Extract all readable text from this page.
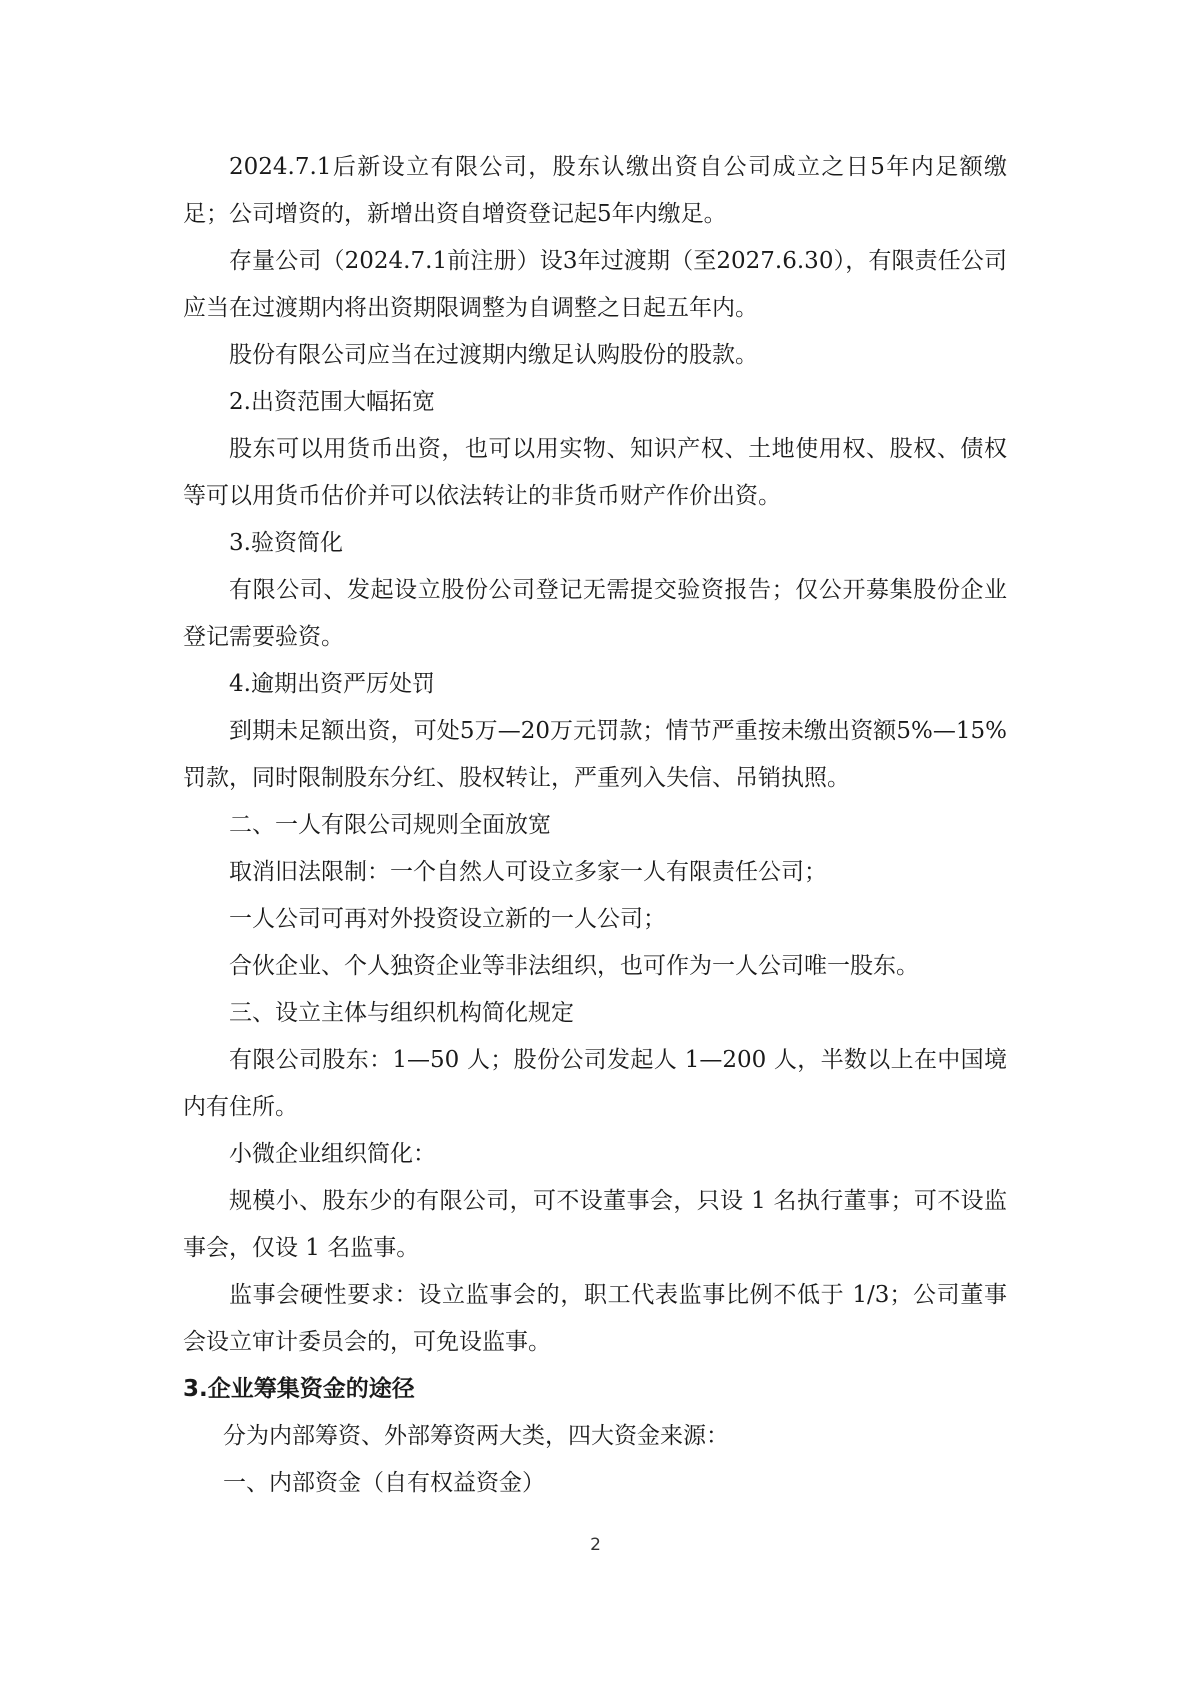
2024.7.1后新设立有限公司，股东认缴出资自公司成立之日5年内足额缴足；公司增资的，新增出资自增资登记起5年内缴足。

存量公司（2024.7.1前注册）设3年过渡期（至2027.6.30），有限责任公司应当在过渡期内将出资期限调整为自调整之日起五年内。

股份有限公司应当在过渡期内缴足认购股份的股款。

2.出资范围大幅拓宽

股东可以用货币出资，也可以用实物、知识产权、土地使用权、股权、债权等可以用货币估价并可以依法转让的非货币财产作价出资。

3.验资简化

有限公司、发起设立股份公司登记无需提交验资报告；仅公开募集股份企业登记需要验资。

4.逾期出资严厉处罚

到期未足额出资，可处5万—20万元罚款；情节严重按未缴出资额5%—15%罚款，同时限制股东分红、股权转让，严重列入失信、吊销执照。

二、一人有限公司规则全面放宽

取消旧法限制：一个自然人可设立多家一人有限责任公司；

一人公司可再对外投资设立新的一人公司；

合伙企业、个人独资企业等非法组织，也可作为一人公司唯一股东。

三、设立主体与组织机构简化规定

有限公司股东：1—50 人；股份公司发起人 1—200 人，半数以上在中国境内有住所。

小微企业组织简化：

规模小、股东少的有限公司，可不设董事会，只设 1 名执行董事；可不设监事会，仅设 1 名监事。

监事会硬性要求：设立监事会的，职工代表监事比例不低于 1/3；公司董事会设立审计委员会的，可免设监事。

3.企业筹集资金的途径

分为内部筹资、外部筹资两大类，四大资金来源：

一、内部资金（自有权益资金）

2
